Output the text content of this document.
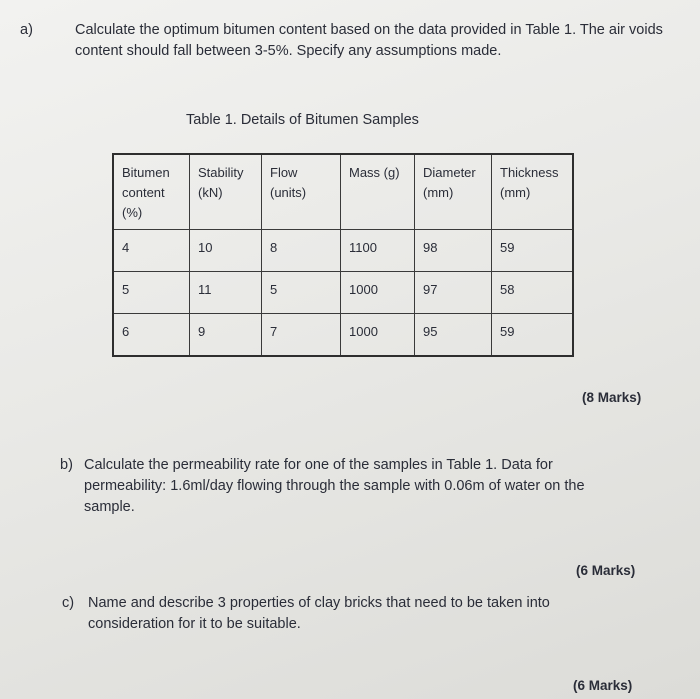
a)	Calculate the optimum bitumen content based on the data provided in Table 1. The air voids content should fall between 3-5%. Specify any assumptions made.
Table 1. Details of Bitumen Samples
Bitumen content (%)	Stability (kN)	Flow (units)	Mass (g)	Diameter (mm)	Thickness (mm)
4	10	8	1100	98	59
5	11	5	1000	97	58
6	9	7	1000	95	59
(8 Marks)
b) Calculate the permeability rate for one of the samples in Table 1. Data for permeability: 1.6ml/day flowing through the sample with 0.06m of water on the sample.
(6 Marks)
c) Name and describe 3 properties of clay bricks that need to be taken into consideration for it to be suitable.
(6 Marks)
